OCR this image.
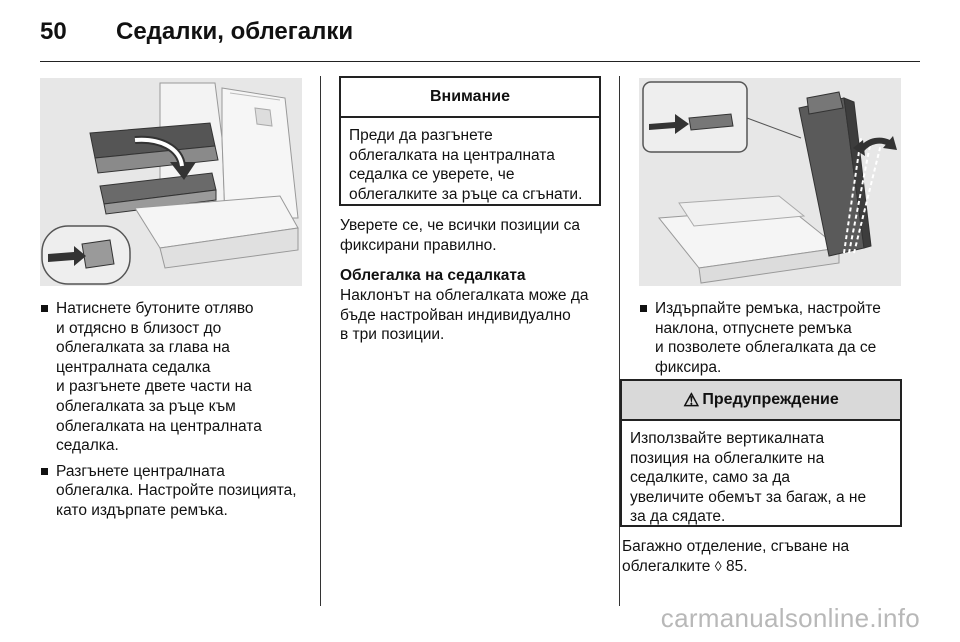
50 Седалки, облегалки
Натиснете бутоните отляво
и отдясно в близост до
облегалката за глава на
централната седалка
и разгънете двете части на
облегалката за ръце към
облегалката на централната
седалка.
Разгънете централната
облегалка. Настройте позицията,
като издърпате ремъка.
Внимание
Преди да разгънете
облегалката на централната
седалка се уверете, че
облегалките за ръце са сгънати.
Уверете се, че всички позиции са
фиксирани правилно.
Облегалка на седалката
Наклонът на облегалката може да
бъде настройван индивидуално
в три позиции.
Издърпайте ремъка, настройте
наклона, отпуснете ремъка
и позволете облегалката да се
фиксира.
⚠ Предупреждение
Използвайте вертикалната
позиция на облегалките на
седалките, само за да
увеличите обемът за багаж, а не
за да сядате.
Багажно отделение, сгъване на
облегалките ◊ 85.
carmanualsonline.info
